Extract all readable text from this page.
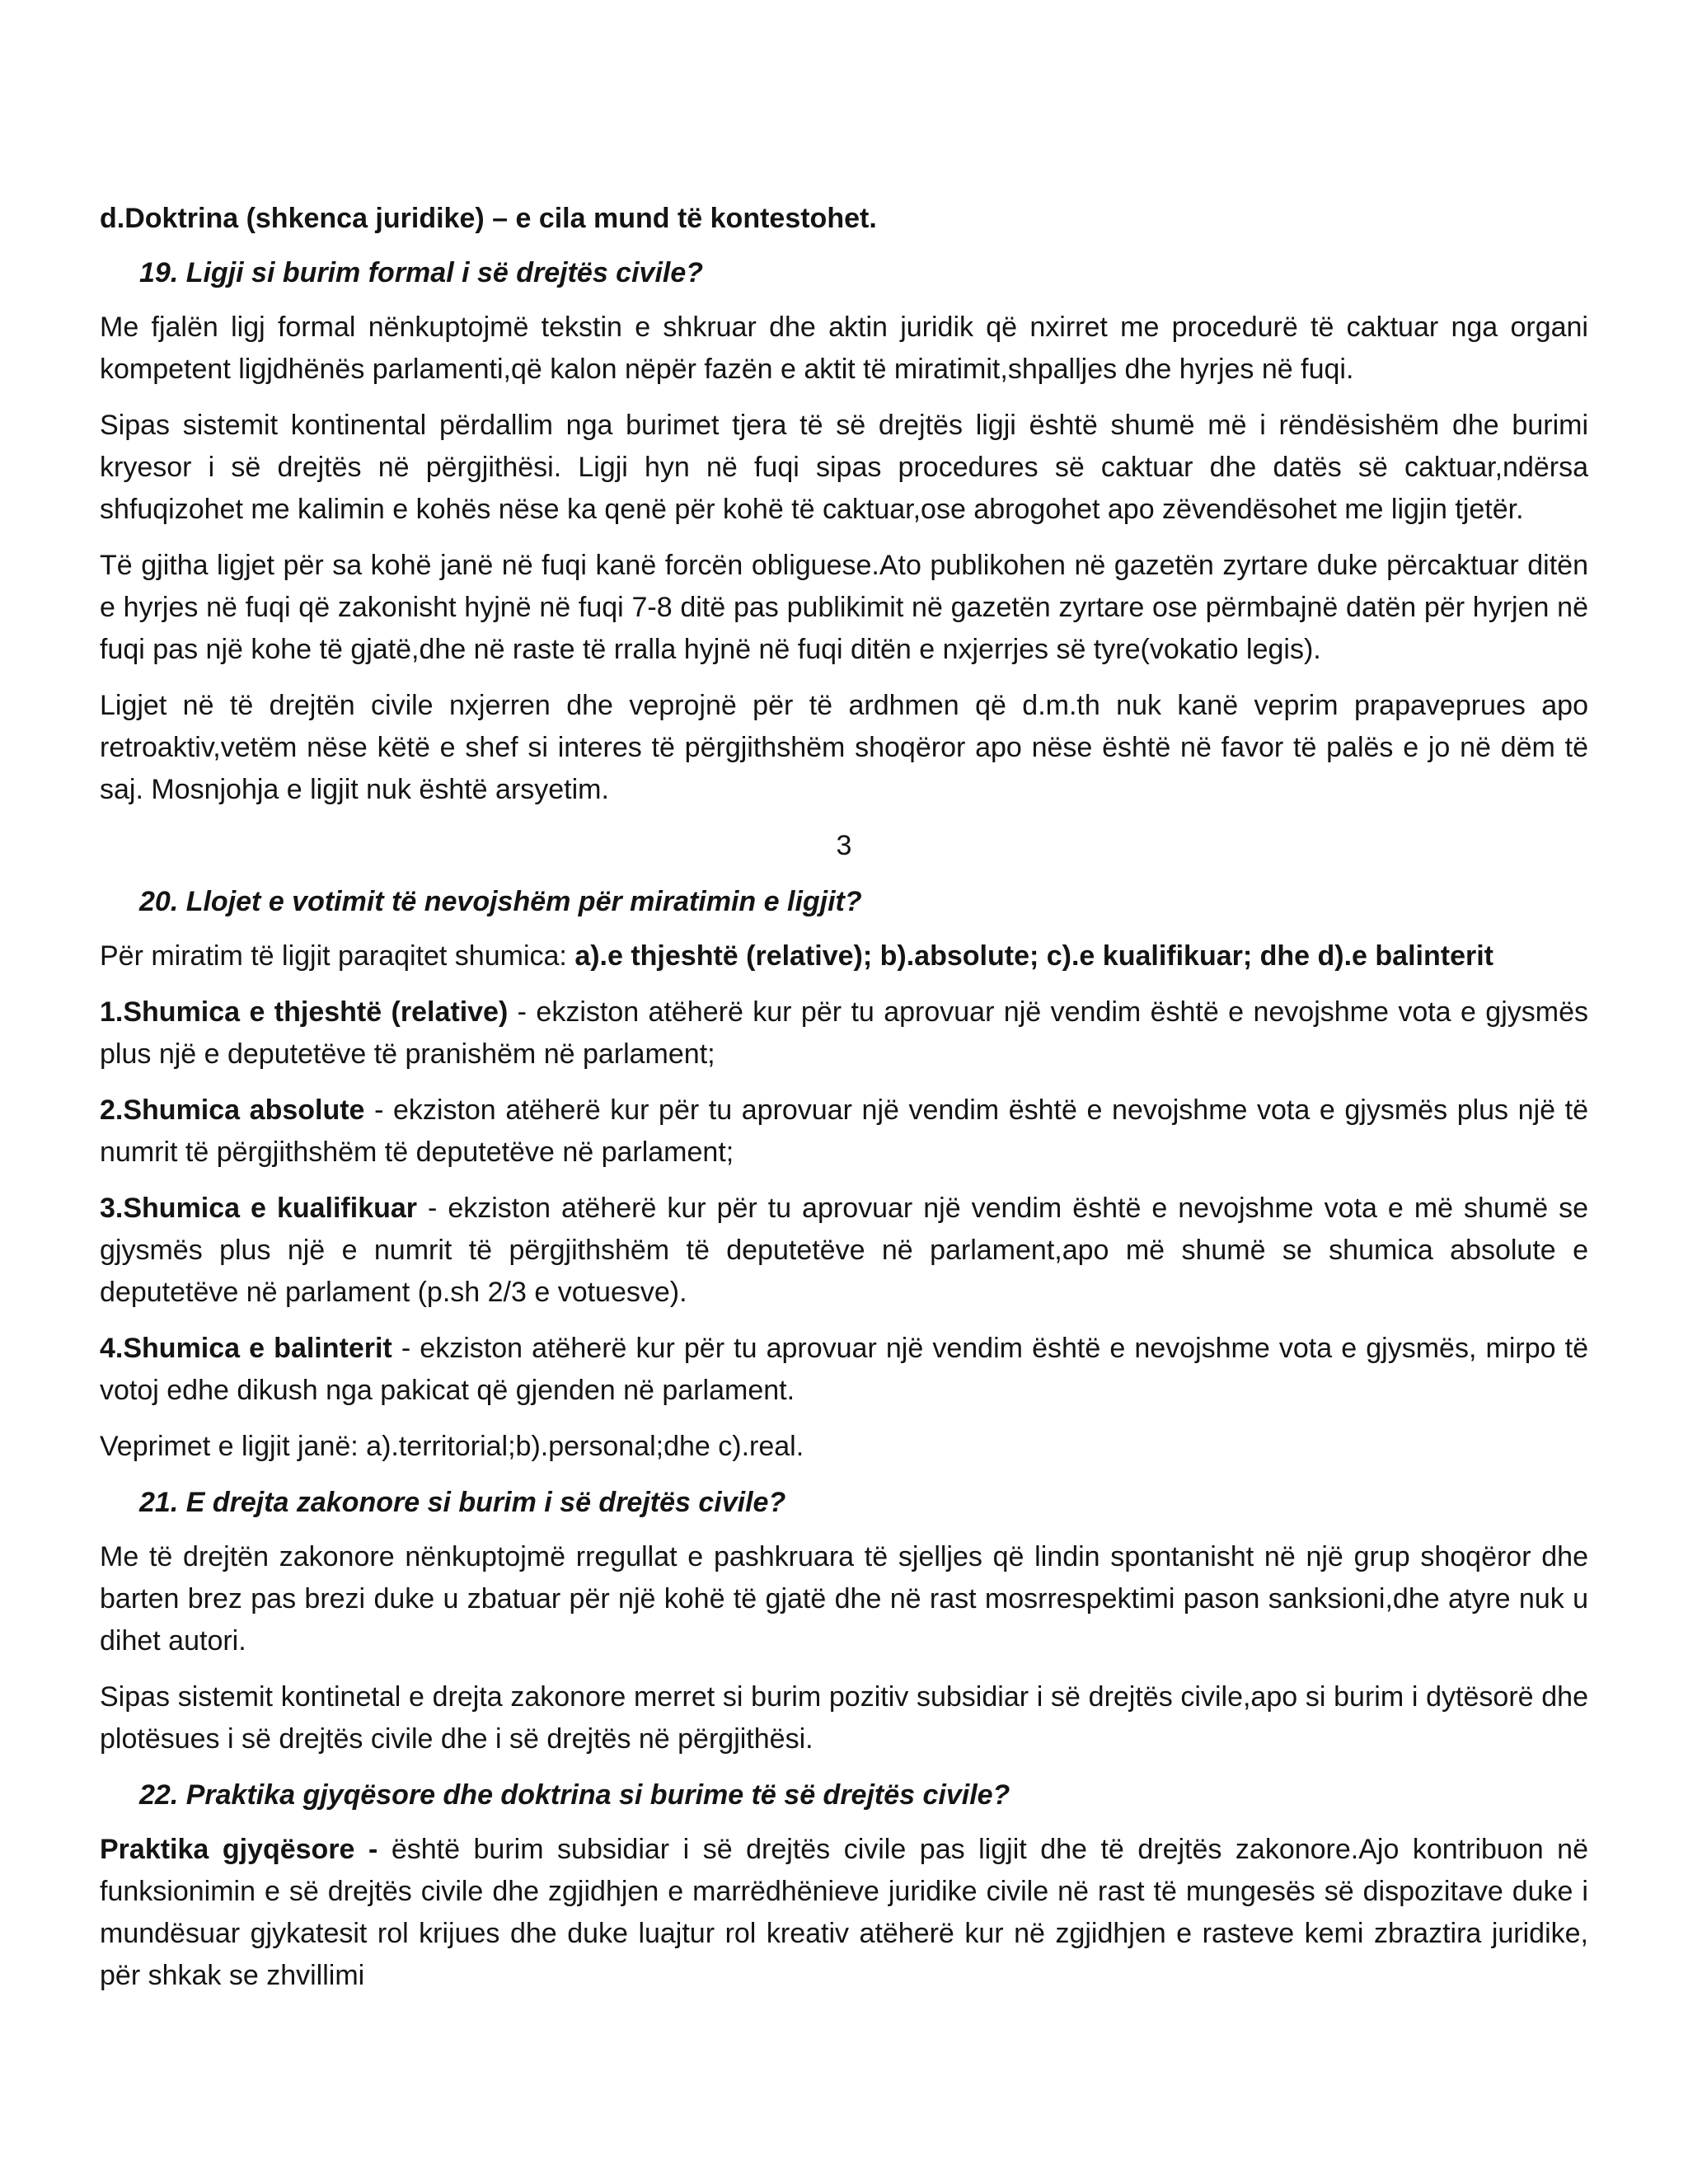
d.Doktrina (shkenca juridike) – e cila mund të kontestohet.

19. Ligji si burim formal i së drejtës civile?

Me fjalën ligj formal nënkuptojmë tekstin e shkruar dhe aktin juridik që nxirret me procedurë të caktuar nga organi kompetent ligjdhënës parlamenti,që kalon nëpër fazën e aktit të miratimit,shpalljes dhe hyrjes në fuqi.

Sipas sistemit kontinental përdallim nga burimet tjera të së drejtës ligji është shumë më i rëndësishëm dhe burimi kryesor i së drejtës në përgjithësi. Ligji hyn në fuqi sipas procedures së caktuar dhe datës së caktuar,ndërsa shfuqizohet me kalimin e kohës nëse ka qenë për kohë të caktuar,ose abrogohet apo zëvendësohet me ligjin tjetër.

Të gjitha ligjet për sa kohë janë në fuqi kanë forcën obliguese.Ato publikohen në gazetën zyrtare duke përcaktuar ditën e hyrjes në fuqi që zakonisht hyjnë në fuqi 7-8 ditë pas publikimit në gazetën zyrtare ose përmbajnë datën për hyrjen në fuqi pas një kohe të gjatë,dhe në raste të rralla hyjnë në fuqi ditën e nxjerrjes së tyre(vokatio legis).

Ligjet në të drejtën civile nxjerren dhe veprojnë për të ardhmen që d.m.th nuk kanë veprim prapaveprues apo retroaktiv,vetëm nëse këtë e shef si interes të përgjithshëm shoqëror apo nëse është në favor të palës e jo në dëm të saj. Mosnjohja e ligjit nuk është arsyetim.

3

20. Llojet e votimit të nevojshëm për miratimin e ligjit?

Për miratim të ligjit paraqitet shumica: a).e thjeshtë (relative); b).absolute; c).e kualifikuar; dhe d).e balinterit

1.Shumica e thjeshtë (relative) - ekziston atëherë kur për tu aprovuar një vendim është e nevojshme vota e gjysmës plus një e deputetëve të pranishëm në parlament;

2.Shumica absolute - ekziston atëherë kur për tu aprovuar një vendim është e nevojshme vota e gjysmës plus një të numrit të përgjithshëm të deputetëve në parlament;

3.Shumica e kualifikuar - ekziston atëherë kur për tu aprovuar një vendim është e nevojshme vota e më shumë se gjysmës plus një e numrit të përgjithshëm të deputetëve në parlament,apo më shumë se shumica absolute e deputetëve në parlament (p.sh 2/3 e votuesve).

4.Shumica e balinterit - ekziston atëherë kur për tu aprovuar një vendim është e nevojshme vota e gjysmës, mirpo të votoj edhe dikush nga pakicat që gjenden në parlament.

Veprimet e ligjit janë: a).territorial;b).personal;dhe c).real.

21. E drejta zakonore si burim i së drejtës civile?

Me të drejtën zakonore nënkuptojmë rregullat e pashkruara të sjelljes që lindin spontanisht në një grup shoqëror dhe barten brez pas brezi duke u zbatuar për një kohë të gjatë dhe në rast mosrrespektimi pason sanksioni,dhe atyre nuk u dihet autori.

Sipas sistemit kontinetal e drejta zakonore merret si burim pozitiv subsidiar i së drejtës civile,apo si burim i dytësorë dhe plotësues i së drejtës civile dhe i së drejtës në përgjithësi.

22. Praktika gjyqësore dhe doktrina si burime të së drejtës civile?

Praktika gjyqësore - është burim subsidiar i së drejtës civile pas ligjit dhe të drejtës zakonore.Ajo kontribuon në funksionimin e së drejtës civile dhe zgjidhjen e marrëdhënieve juridike civile në rast të mungesës së dispozitave duke i mundësuar gjykatesit rol krijues dhe duke luajtur rol kreativ atëherë kur në zgjidhjen e rasteve kemi zbraztira juridike, për shkak se zhvillimi
